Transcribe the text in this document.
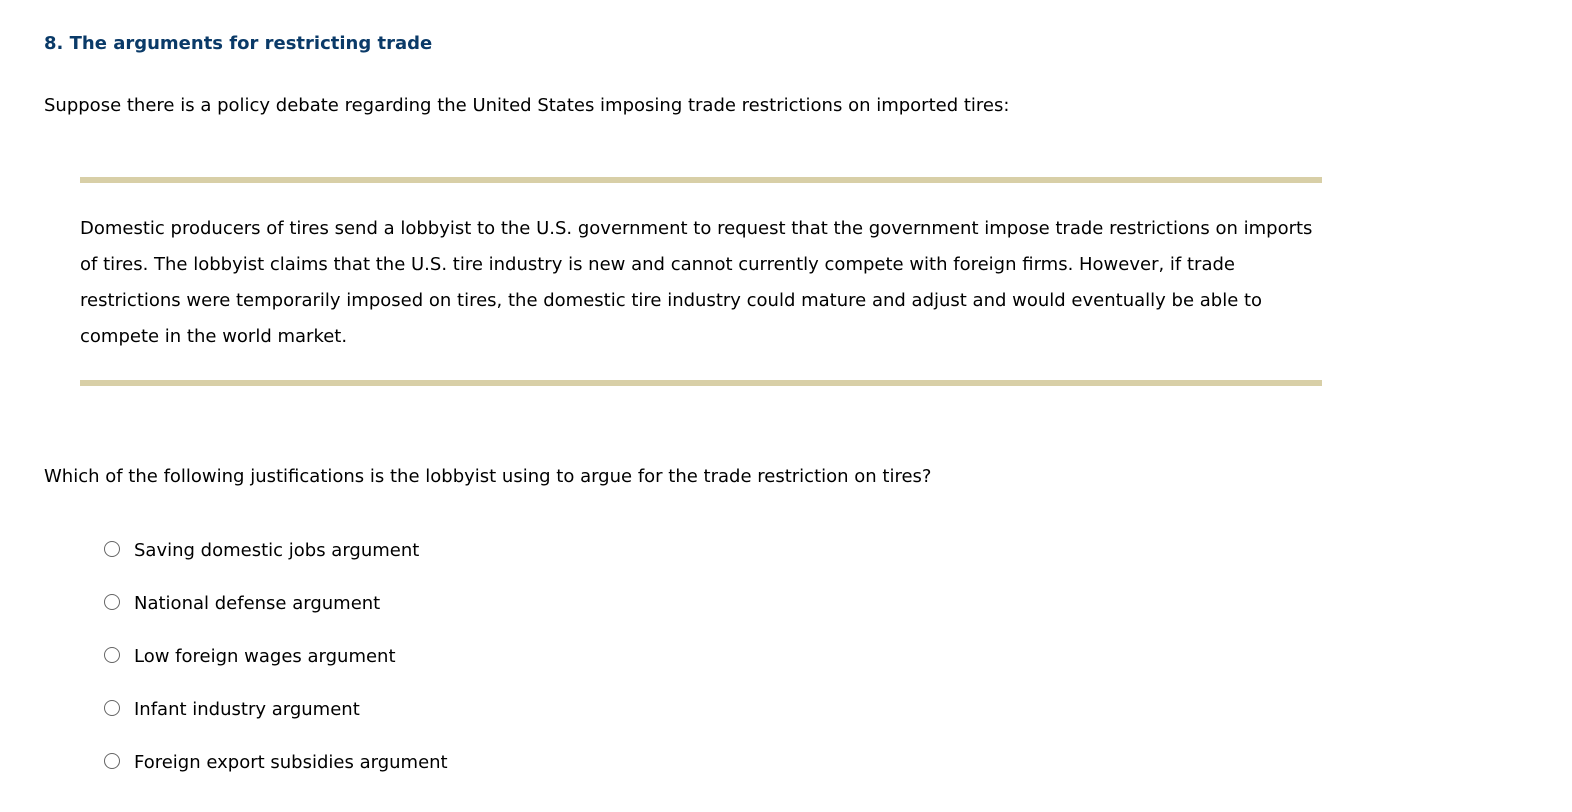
8. The arguments for restricting trade
Suppose there is a policy debate regarding the United States imposing trade restrictions on imported tires:
Domestic producers of tires send a lobbyist to the U.S. government to request that the government impose trade restrictions on imports of tires. The lobbyist claims that the U.S. tire industry is new and cannot currently compete with foreign firms. However, if trade restrictions were temporarily imposed on tires, the domestic tire industry could mature and adjust and would eventually be able to compete in the world market.
Which of the following justifications is the lobbyist using to argue for the trade restriction on tires?
Saving domestic jobs argument
National defense argument
Low foreign wages argument
Infant industry argument
Foreign export subsidies argument
